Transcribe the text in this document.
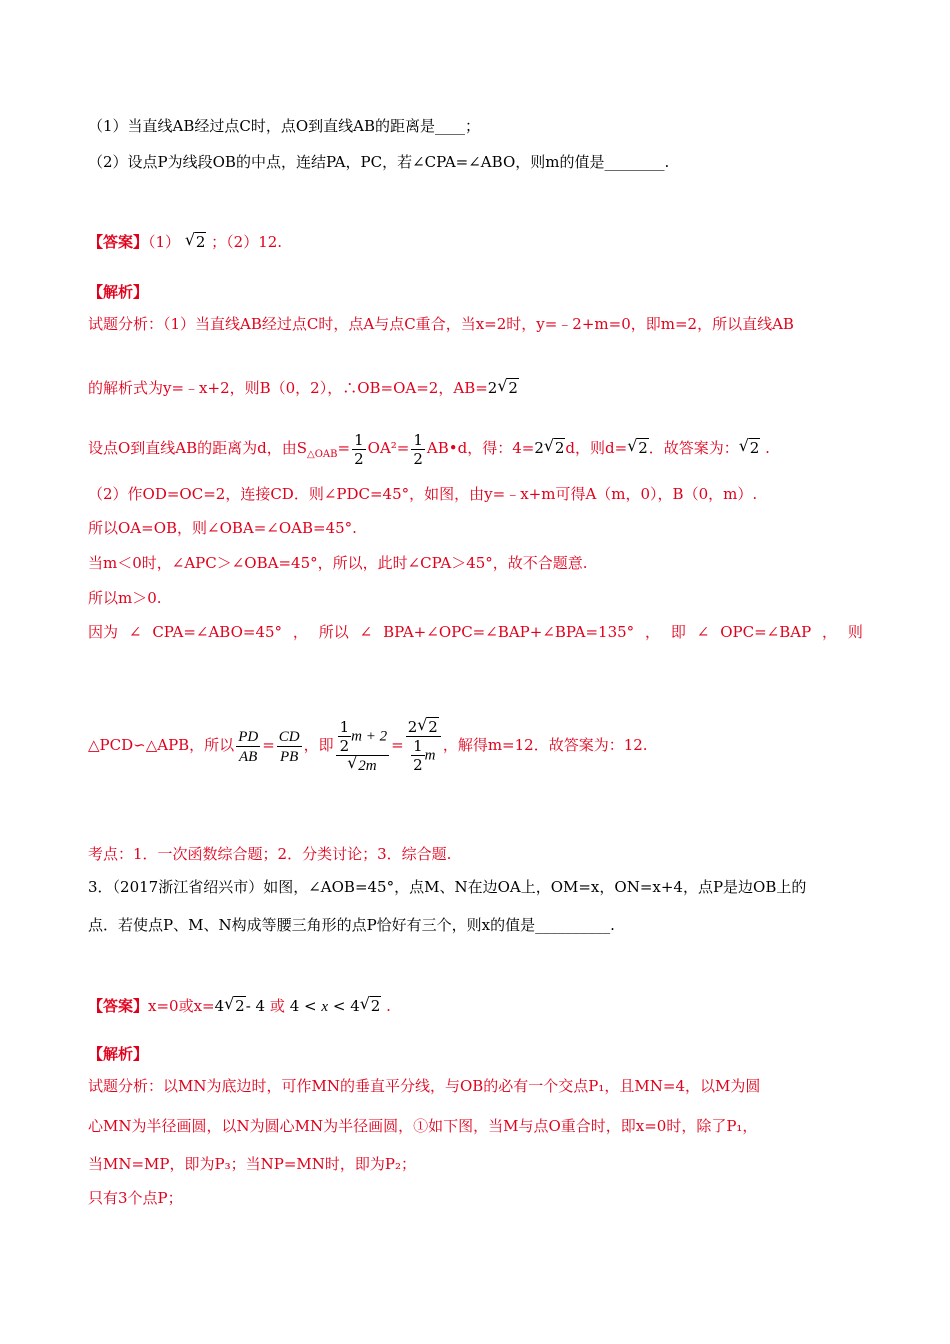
（1）当直线AB经过点C时，点O到直线AB的距离是____；
（2）设点P为线段OB的中点，连结PA，PC，若∠CPA=∠ABO，则m的值是________.
【答案】（1） √ 2 ；（2）12.
【解析】
试题分析：（1）当直线AB经过点C时，点A与点C重合，当x=2时，y=﹣2+m=0，即m=2，所以直线AB
的解析式为y=﹣x+2，则B（0，2），∴OB=OA=2，AB=2 √ 2
设点O到直线AB的距离为d，由$S_{\triangle OAB}= \frac{1}{2} OA^2= \frac{1}{2}$ AB•d，得：4=2 √ 2d，则d= √ 2．故答案为： √ 2 .
（2）作OD=OC=2，连接CD．则∠PDC=45°，如图，由y=﹣x+m可得A（m，0），B（0，m）.
所以OA=OB，则∠OBA=∠OAB=45°.
当m＜0时，∠APC＞∠OBA=45°，所以，此时∠CPA＞45°，故不合题意.
所以m＞0.
因为 ∠ CPA=∠ABO=45° ， 所以 ∠ BPA+∠OPC=∠BAP+∠BPA=135° ， 即 ∠ OPC=∠BAP ， 则
△PCD∽△APB，所以 $\frac{PD}{AB} = \frac{CD}{PB}$ ，即 $\frac{1}{2}$ m + 2
√ $2m = \frac{2 √ 2}{\frac{1}{2} m}$ ，解得m=12．故答案为：12.
考点：1．一次函数综合题；2．分类讨论；3．综合题.
3．（2017浙江省绍兴市）如图，∠AOB=45°，点M、N在边OA上，OM=x，ON=x+4，点P是边OB上的
点．若使点P、M、N构成等腰三角形的点P恰好有三个，则x的值是__________.
【答案】x=0或x=4 √ 2- 4 或 4 < x < 4 √ 2 .
【解析】
试题分析：以MN为底边时，可作MN的垂直平分线，与OB的必有一个交点P₁，且MN=4，以M为圆
心MN为半径画圆，以N为圆心MN为半径画圆，①如下图，当M与点O重合时，即x=0时，除了P₁，
当MN=MP，即为P₃；当NP=MN时，即为P₂；
只有3个点P；
